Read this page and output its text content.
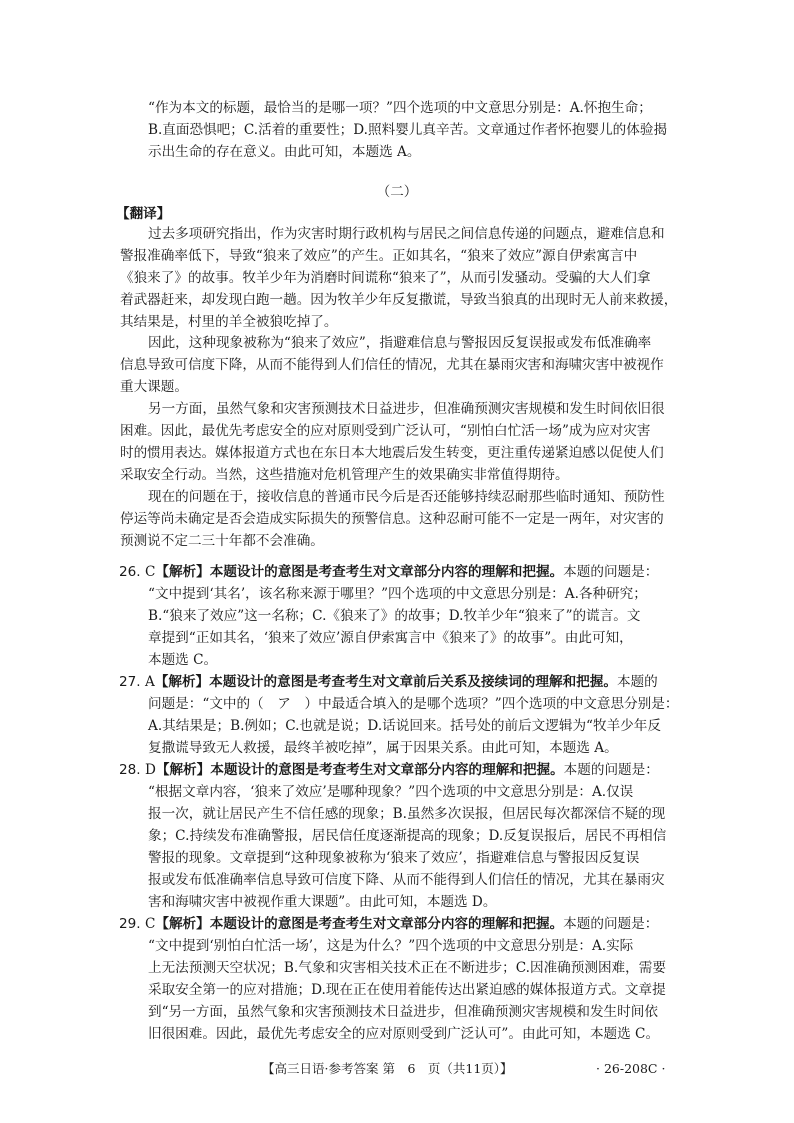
“作为本文的标题，最恰当的是哪一项？”四个选项的中文意思分别是：A.怀抱生命；
B.直面恐惧吧；C.活着的重要性；D.照料婴儿真辛苦。文章通过作者怀抱婴儿的体验揭
示出生命的存在意义。由此可知，本题选 A。
（二）
【翻译】
过去多项研究指出，作为灾害时期行政机构与居民之间信息传递的问题点，避难信息和
警报准确率低下，导致“狼来了效应”的产生。正如其名，“狼来了效应”源自伊索寓言中
《狼来了》的故事。牧羊少年为消磨时间谎称“狼来了”，从而引发骚动。受骗的大人们拿
着武器赶来，却发现白跑一趟。因为牧羊少年反复撒谎，导致当狼真的出现时无人前来救援，
其结果是，村里的羊全被狼吃掉了。
因此，这种现象被称为“狼来了效应”，指避难信息与警报因反复误报或发布低准确率
信息导致可信度下降，从而不能得到人们信任的情况，尤其在暴雨灾害和海啸灾害中被视作
重大课题。
另一方面，虽然气象和灾害预测技术日益进步，但准确预测灾害规模和发生时间依旧很
困难。因此，最优先考虑安全的应对原则受到广泛认可，“别怕白忙活一场”成为应对灾害
时的惯用表达。媒体报道方式也在东日本大地震后发生转变，更注重传递紧迫感以促使人们
采取安全行动。当然，这些措施对危机管理产生的效果确实非常值得期待。
现在的问题在于，接收信息的普通市民今后是否还能够持续忍耐那些临时通知、预防性
停运等尚未确定是否会造成实际损失的预警信息。这种忍耐可能不一定是一两年，对灾害的
预测说不定二三十年都不会准确。
26. C【解析】本题设计的意图是考查考生对文章部分内容的理解和把握。本题的问题是：
“文中提到‘其名’，该名称来源于哪里？”四个选项的中文意思分别是：A.各种研究；
B.“狼来了效应”这一名称；C.《狼来了》的故事；D.牧羊少年“狼来了”的谎言。文
章提到“正如其名，‘狼来了效应’源自伊索寓言中《狼来了》的故事”。由此可知，
本题选 C。
27. A【解析】本题设计的意图是考查考生对文章前后关系及接续词的理解和把握。本题的
问题是：“文中的（　ア　）中最适合填入的是哪个选项？”四个选项的中文意思分别是：
A.其结果是；B.例如；C.也就是说；D.话说回来。括号处的前后文逻辑为“牧羊少年反
复撒谎导致无人救援，最终羊被吃掉”，属于因果关系。由此可知，本题选 A。
28. D【解析】本题设计的意图是考查考生对文章部分内容的理解和把握。本题的问题是：
“根据文章内容，‘狼来了效应’是哪种现象？”四个选项的中文意思分别是：A.仅误
报一次，就让居民产生不信任感的现象；B.虽然多次误报，但居民每次都深信不疑的现
象；C.持续发布准确警报，居民信任度逐渐提高的现象；D.反复误报后，居民不再相信
警报的现象。文章提到“这种现象被称为‘狼来了效应’，指避难信息与警报因反复误
报或发布低准确率信息导致可信度下降、从而不能得到人们信任的情况，尤其在暴雨灾
害和海啸灾害中被视作重大课题”。由此可知，本题选 D。
29. C【解析】本题设计的意图是考查考生对文章部分内容的理解和把握。本题的问题是：
“文中提到‘别怕白忙活一场’，这是为什么？”四个选项的中文意思分别是：A.实际
上无法预测天空状况；B.气象和灾害相关技术正在不断进步；C.因准确预测困难，需要
采取安全第一的应对措施；D.现在正在使用着能传达出紧迫感的媒体报道方式。文章提
到“另一方面，虽然气象和灾害预测技术日益进步，但准确预测灾害规模和发生时间依
旧很困难。因此，最优先考虑安全的应对原则受到广泛认可”。由此可知，本题选 C。
【高三日语·参考答案 第　6　页（共11页）】	· 26-208C ·
